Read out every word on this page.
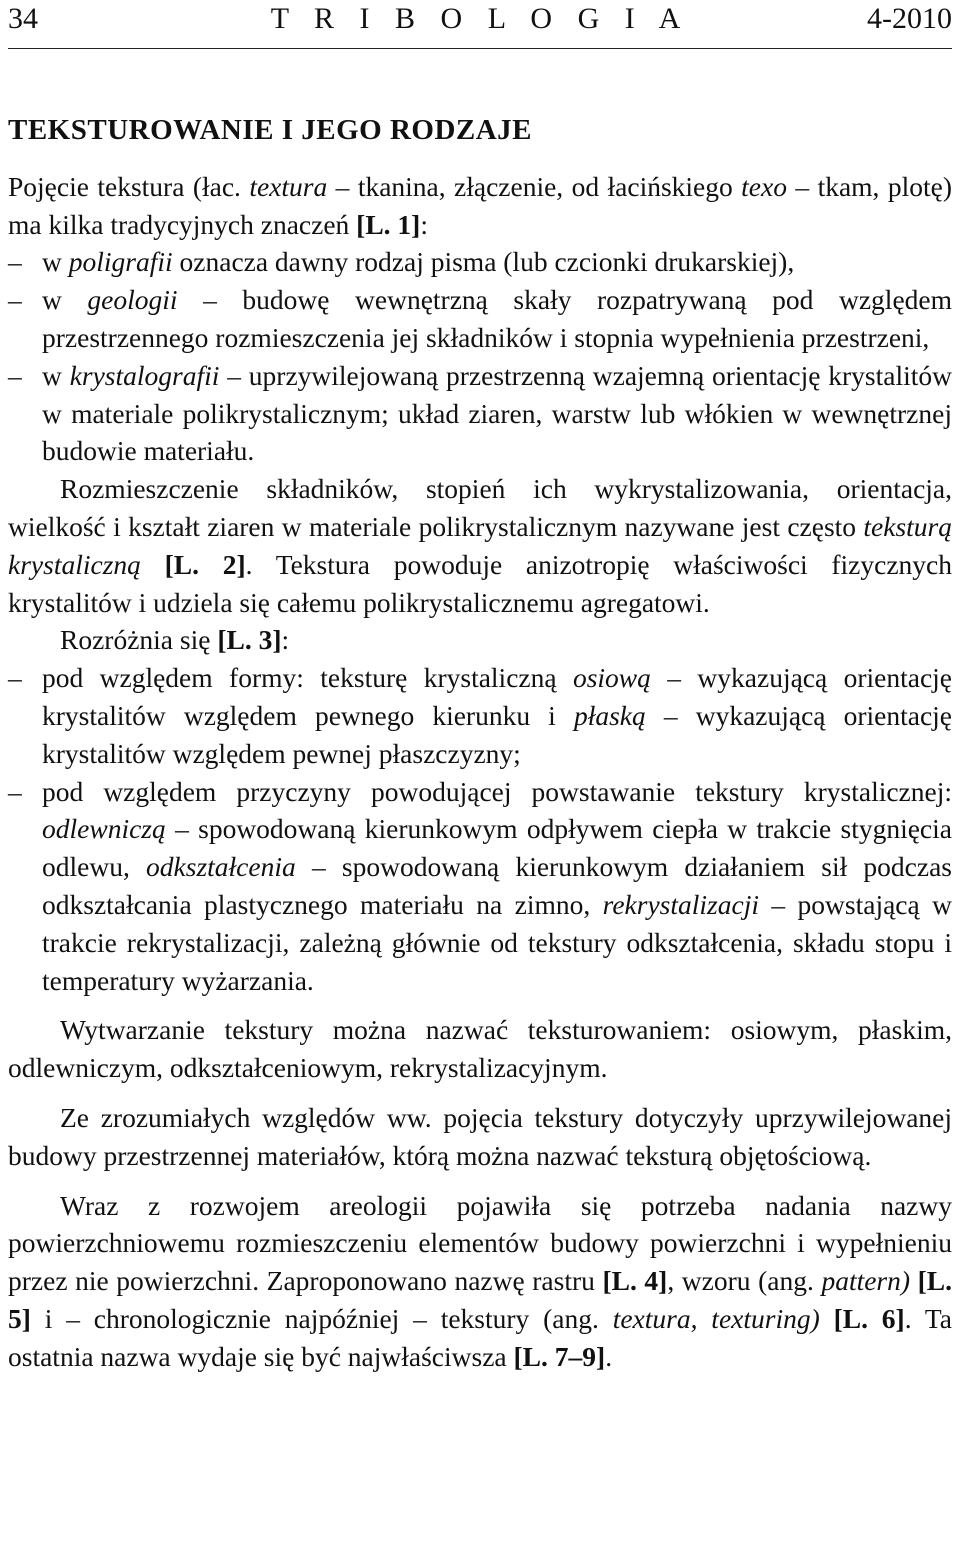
34	T R I B O L O G I A	4-2010

TEKSTUROWANIE I JEGO RODZAJE

Pojęcie tekstura (łac. textura – tkanina, złączenie, od łacińskiego texo – tkam, plotę) ma kilka tradycyjnych znaczeń [L. 1]:

– w poligrafii oznacza dawny rodzaj pisma (lub czcionki drukarskiej),
– w geologii – budowę wewnętrzną skały rozpatrywaną pod względem przestrzennego rozmieszczenia jej składników i stopnia wypełnienia przestrzeni,
– w krystalografii – uprzywilejowaną przestrzenną wzajemną orientację krystalitów w materiale polikrystalicznym; układ ziaren, warstw lub włókien w wewnętrznej budowie materiału.

Rozmieszczenie składników, stopień ich wykrystalizowania, orientacja, wielkość i kształt ziaren w materiale polikrystalicznym nazywane jest często teksturą krystaliczną [L. 2]. Tekstura powoduje anizotropię właściwości fizycznych krystalitów i udziela się całemu polikrystalicznemu agregatowi.

Rozróżnia się [L. 3]:

– pod względem formy: teksturę krystaliczną osiową – wykazującą orientację krystalitów względem pewnego kierunku i płaską – wykazującą orientację krystalitów względem pewnej płaszczyzny;
– pod względem przyczyny powodującej powstawanie tekstury krystalicznej: odlewniczą – spowodowaną kierunkowym odpływem ciepła w trakcie stygnięcia odlewu, odkształcenia – spowodowaną kierunkowym działaniem sił podczas odkształcania plastycznego materiału na zimno, rekrystalizacji – powstającą w trakcie rekrystalizacji, zależną głównie od tekstury odkształcenia, składu stopu i temperatury wyżarzania.

Wytwarzanie tekstury można nazwać teksturowaniem: osiowym, płaskim, odlewniczym, odkształceniowym, rekrystalizacyjnym.

Ze zrozumiałych względów ww. pojęcia tekstury dotyczyły uprzywilejowanej budowy przestrzennej materiałów, którą można nazwać teksturą objętościową.

Wraz z rozwojem areologii pojawiła się potrzeba nadania nazwy powierzchniowemu rozmieszczeniu elementów budowy powierzchni i wypełnieniu przez nie powierzchni. Zaproponowano nazwę rastru [L. 4], wzoru (ang. pattern) [L. 5] i – chronologicznie najpóźniej – tekstury (ang. textura, texturing) [L. 6]. Ta ostatnia nazwa wydaje się być najwłaściwsza [L. 7–9].
